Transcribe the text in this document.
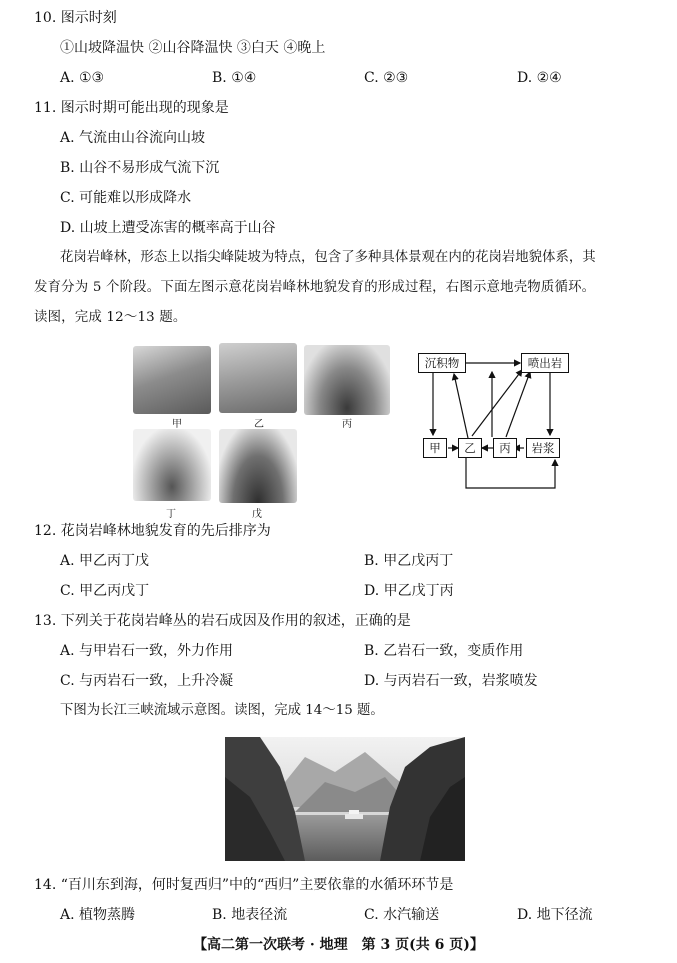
10. 图示时刻
①山坡降温快 ②山谷降温快 ③白天 ④晚上
A. ①③	B. ①④	C. ②③	D. ②④
11. 图示时期可能出现的现象是
A. 气流由山谷流向山坡
B. 山谷不易形成气流下沉
C. 可能难以形成降水
D. 山坡上遭受冻害的概率高于山谷
花岗岩峰林，形态上以指尖峰陡坡为特点，包含了多种具体景观在内的花岗岩地貌体系，其
发育分为 5 个阶段。下面左图示意花岗岩峰林地貌发育的形成过程，右图示意地壳物质循环。
读图，完成 12～13 题。
甲	乙	丙
丁	戊
沉积物	喷出岩
甲	乙	丙	岩浆
12. 花岗岩峰林地貌发育的先后排序为
A. 甲乙丙丁戊	B. 甲乙戊丙丁
C. 甲乙丙戊丁	D. 甲乙戊丁丙
13. 下列关于花岗岩峰丛的岩石成因及作用的叙述，正确的是
A. 与甲岩石一致，外力作用	B. 乙岩石一致，变质作用
C. 与丙岩石一致，上升冷凝	D. 与丙岩石一致，岩浆喷发
下图为长江三峡流域示意图。读图，完成 14～15 题。
14. “百川东到海，何时复西归”中的“西归”主要依靠的水循环环节是
A. 植物蒸腾	B. 地表径流	C. 水汽输送	D. 地下径流
【高二第一次联考 · 地理　第 3 页(共 6 页)】
